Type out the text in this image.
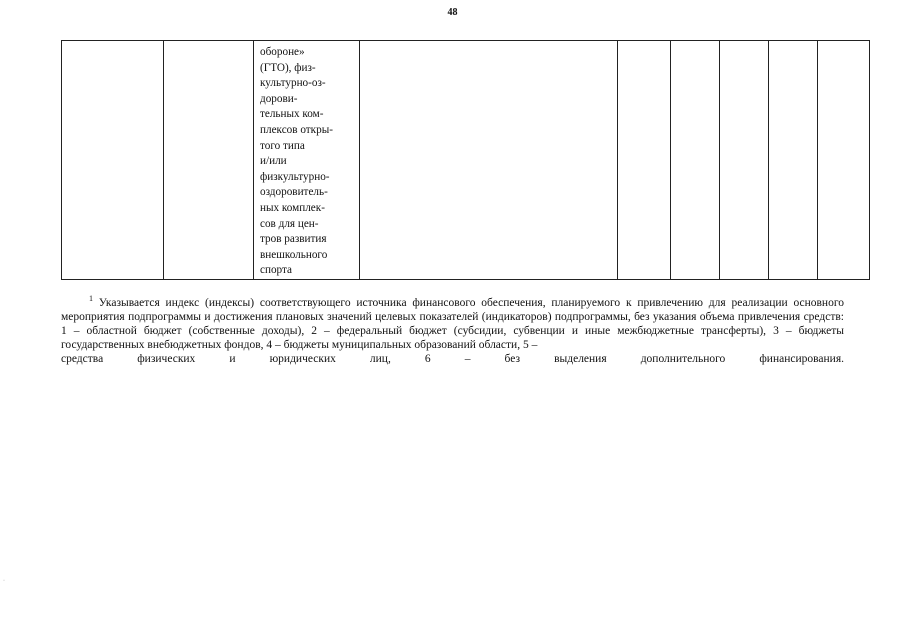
48

обороне»
(ГТО), физ-
культурно-оз-
дорови-
тельных ком-
плексов откры-
того типа
и/или
физкультурно-
оздоровитель-
ных комплек-
сов для цен-
тров развития
внешкольного
спорта

$^1$ Указывается индекс (индексы) соответствующего источника финансового обеспечения, планируемого к привлечению для реализации основного мероприятия подпрограммы и достижения плановых значений целевых показателей (индикаторов) подпрограммы, без указания объема привлечения средств: 1 – областной бюджет (собственные доходы), 2 – федеральный бюджет (субсидии, субвенции и иные межбюджетные трансферты), 3 – бюджеты государственных внебюджетных фондов, 4 – бюджеты муниципальных образований области, 5 –
средства физических и юридических лиц, 6 – без выделения дополнительного финансирования.
·
